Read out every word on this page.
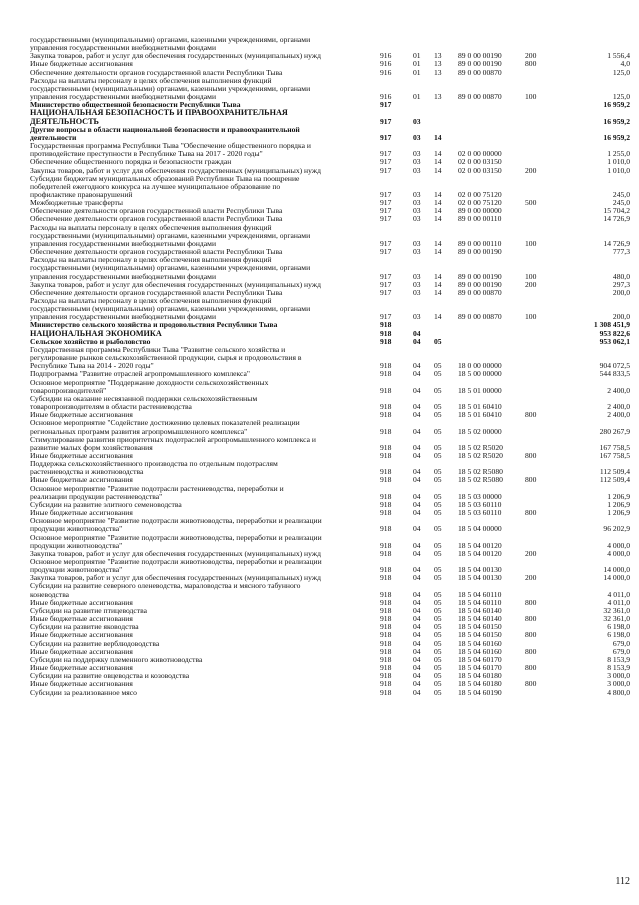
государственными (муниципальными) органами, казенными учреждениями, органами
управления государственными внебюджетными фондами
Закупка товаров, работ и услуг для обеспечения государственных (муниципальных) нужд	916	01 13 89 0 00 00190	200	1 556,4
Иные бюджетные ассигнования	916	01 13 89 0 00 00190	800	4,0
Обеспечение деятельности органов государственной власти Республики Тыва	916	01 13 89 0 00 00870	125,0
Расходы на выплаты персоналу в целях обеспечения выполнения функций
государственными (муниципальными) органами, казенными учреждениями, органами
управления государственными внебюджетными фондами	916	01 13 89 0 00 00870	100	125,0
Министерство общественной безопасности Республики Тыва	917	16 959,2
НАЦИОНАЛЬНАЯ БЕЗОПАСНОСТЬ И ПРАВООХРАНИТЕЛЬНАЯ
ДЕЯТЕЛЬНОСТЬ	917	03	16 959,2
Другие вопросы в области национальной безопасности и правоохранительной
деятельности	917	03 14	16 959,2
Государственная программа Республики Тыва "Обеспечение общественного порядка и
противодействие преступности в Республике Тыва на 2017 - 2020 годы"	917	03 14 02 0 00 00000	1 255,0
Обеспечение общественного порядка и безопасности граждан	917	03 14 02 0 00 03150	1 010,0
Закупка товаров, работ и услуг для обеспечения государственных (муниципальных) нужд	917	03 14 02 0 00 03150	200	1 010,0
Субсидии бюджетам муниципальных образований Республики Тыва на поощрение
победителей ежегодного конкурса на лучшее муниципальное образование по
профилактике правонарушений	917	03 14 02 0 00 75120	245,0
Межбюджетные трансферты	917	03 14 02 0 00 75120	500	245,0
Обеспечение деятельности органов государственной власти Республики Тыва	917	03 14 89 0 00 00000	15 704,2
Обеспечение деятельности органов государственной власти Республики Тыва	917	03 14 89 0 00 00110	14 726,9
Расходы на выплаты персоналу в целях обеспечения выполнения функций
государственными (муниципальными) органами, казенными учреждениями, органами
управления государственными внебюджетными фондами	917	03 14 89 0 00 00110	100	14 726,9
Обеспечение деятельности органов государственной власти Республики Тыва	917	03 14 89 0 00 00190	777,3
Расходы на выплаты персоналу в целях обеспечения выполнения функций
государственными (муниципальными) органами, казенными учреждениями, органами
управления государственными внебюджетными фондами	917	03 14 89 0 00 00190	100	480,0
Закупка товаров, работ и услуг для обеспечения государственных (муниципальных) нужд	917	03 14 89 0 00 00190	200	297,3
Обеспечение деятельности органов государственной власти Республики Тыва	917	03 14 89 0 00 00870	200,0
Расходы на выплаты персоналу в целях обеспечения выполнения функций
государственными (муниципальными) органами, казенными учреждениями, органами
управления государственными внебюджетными фондами	917	03 14 89 0 00 00870	100	200,0
Министерство сельского хозяйства и продовольствия Республики Тыва	918	1 308 451,9
НАЦИОНАЛЬНАЯ ЭКОНОМИКА	918	04	953 822,6
Сельское хозяйство и рыболовство	918	04 05	953 062,1
Государственная программа Республики Тыва "Развитие сельского хозяйства и
регулирование рынков сельскохозяйственной продукции, сырья и продовольствия в
Республике Тыва на 2014 - 2020 годы"	918	04 05 18 0 00 00000	904 072,5
Подпрограмма "Развитие отраслей агропромышленного комплекса"	918	04 05 18 5 00 00000	544 833,5
Основное мероприятие "Поддержание доходности сельскохозяйственных
товаропроизводителей"	918	04 05 18 5 01 00000	2 400,0
Субсидии на оказание несвязанной поддержки сельскохозяйственным
товаропроизводителям в области растениеводства	918	04 05 18 5 01 60410	2 400,0
Иные бюджетные ассигнования	918	04 05 18 5 01 60410	800	2 400,0
Основное мероприятие "Содействие достижению целевых показателей реализации
региональных программ развития агропромышленного комплекса"	918	04 05 18 5 02 00000	280 267,9
Стимулирование развития приоритетных подотраслей агропромышленного комплекса и
развитие малых форм хозяйствования	918	04 05 18 5 02 R5020	167 758,5
Иные бюджетные ассигнования	918	04 05 18 5 02 R5020	800	167 758,5
Поддержка сельскохозяйственного производства по отдельным подотраслям
растениеводства и животноводства	918	04 05 18 5 02 R5080	112 509,4
Иные бюджетные ассигнования	918	04 05 18 5 02 R5080	800	112 509,4
Основное мероприятие "Развитие подотрасли растениеводства, переработки и
реализации продукции растениеводства"	918	04 05 18 5 03 00000	1 206,9
Субсидии на развитие элитного семеноводства	918	04 05 18 5 03 60110	1 206,9
Иные бюджетные ассигнования	918	04 05 18 5 03 60110	800	1 206,9
Основное мероприятие "Развитие подотрасли животноводства, переработки и реализации
продукции животноводства"	918	04 05 18 5 04 00000	96 202,9
Основное мероприятие "Развитие подотрасли животноводства, переработки и реализации
продукции животноводства"	918	04 05 18 5 04 00120	4 000,0
Закупка товаров, работ и услуг для обеспечения государственных (муниципальных) нужд	918	04 05 18 5 04 00120	200	4 000,0
Основное мероприятие "Развитие подотрасли животноводства, переработки и реализации
продукции животноводства"	918	04 05 18 5 04 00130	14 000,0
Закупка товаров, работ и услуг для обеспечения государственных (муниципальных) нужд	918	04 05 18 5 04 00130	200	14 000,0
Субсидии на развитие северного оленеводства, мараловодства и мясного табунного
коневодства	918	04 05 18 5 04 60110	4 011,0
Иные бюджетные ассигнования	918	04 05 18 5 04 60110	800	4 011,0
Субсидии на развитие птицеводства	918	04 05 18 5 04 60140	32 361,0
Иные бюджетные ассигнования	918	04 05 18 5 04 60140	800	32 361,0
Субсидии на развитие яководства	918	04 05 18 5 04 60150	6 198,0
Иные бюджетные ассигнования	918	04 05 18 5 04 60150	800	6 198,0
Субсидии на развитие верблюдоводства	918	04 05 18 5 04 60160	679,0
Иные бюджетные ассигнования	918	04 05 18 5 04 60160	800	679,0
Субсидии на поддержку племенного животноводства	918	04 05 18 5 04 60170	8 153,9
Иные бюджетные ассигнования	918	04 05 18 5 04 60170	800	8 153,9
Субсидии на развитие овцеводства и козоводства	918	04 05 18 5 04 60180	3 000,0
Иные бюджетные ассигнования	918	04 05 18 5 04 60180	800	3 000,0
Субсидии за реализованное мясо	918	04 05 18 5 04 60190	4 800,0
112
